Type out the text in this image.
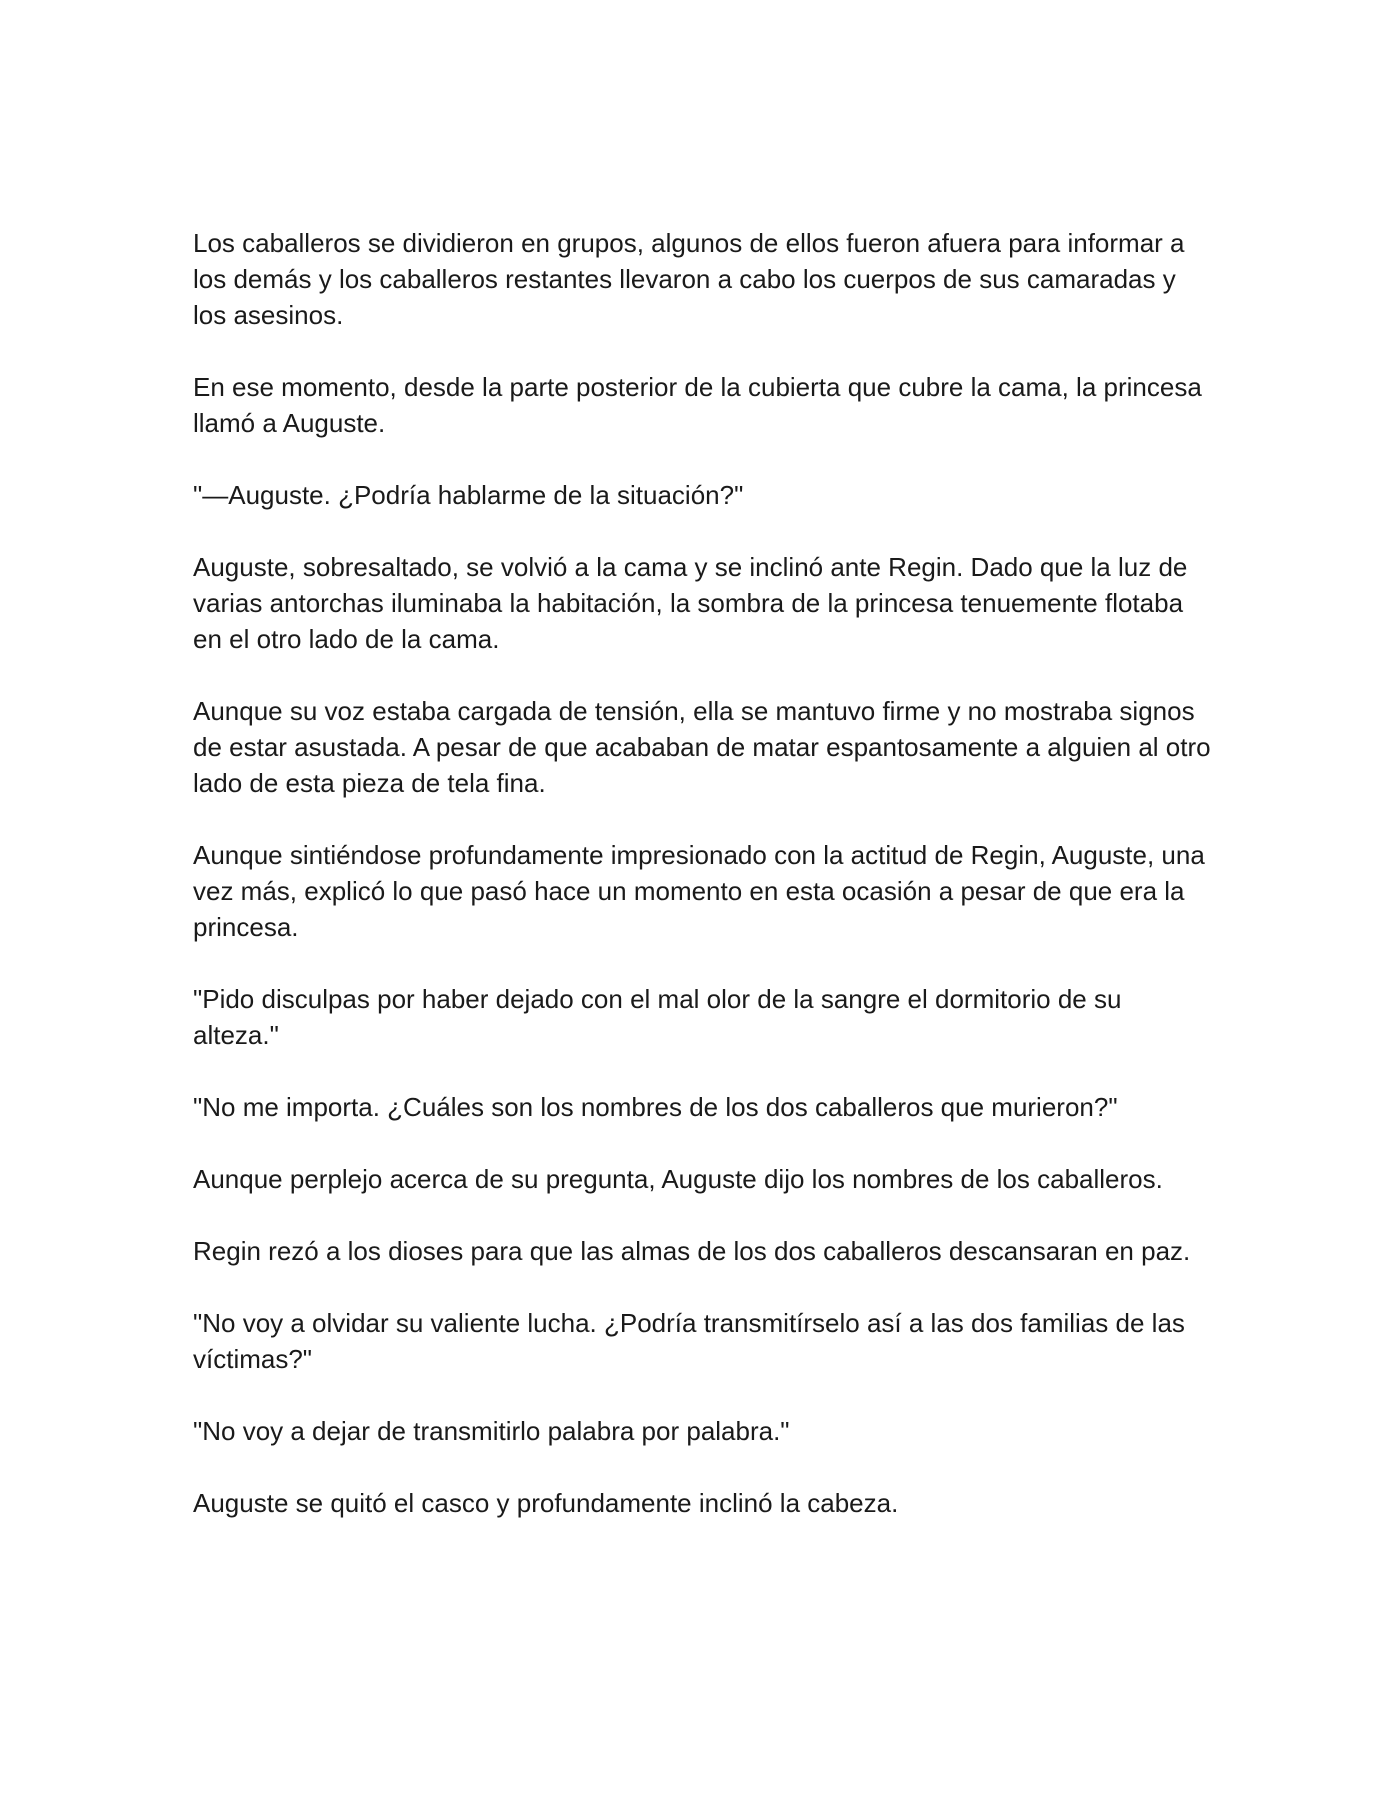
Los caballeros se dividieron en grupos, algunos de ellos fueron afuera para informar a los demás y los caballeros restantes llevaron a cabo los cuerpos de sus camaradas y los asesinos.

En ese momento, desde la parte posterior de la cubierta que cubre la cama, la princesa llamó a Auguste.

"—Auguste. ¿Podría hablarme de la situación?"

Auguste, sobresaltado, se volvió a la cama y se inclinó ante Regin. Dado que la luz de varias antorchas iluminaba la habitación, la sombra de la princesa tenuemente flotaba en el otro lado de la cama.

Aunque su voz estaba cargada de tensión, ella se mantuvo firme y no mostraba signos de estar asustada. A pesar de que acababan de matar espantosamente a alguien al otro lado de esta pieza de tela fina.

Aunque sintiéndose profundamente impresionado con la actitud de Regin, Auguste, una vez más, explicó lo que pasó hace un momento en esta ocasión a pesar de que era la princesa.

"Pido disculpas por haber dejado con el mal olor de la sangre el dormitorio de su alteza."

"No me importa. ¿Cuáles son los nombres de los dos caballeros que murieron?"

Aunque perplejo acerca de su pregunta, Auguste dijo los nombres de los caballeros.

Regin rezó a los dioses para que las almas de los dos caballeros descansaran en paz.

"No voy a olvidar su valiente lucha. ¿Podría transmitírselo así a las dos familias de las víctimas?"

"No voy a dejar de transmitirlo palabra por palabra."

Auguste se quitó el casco y profundamente inclinó la cabeza.
